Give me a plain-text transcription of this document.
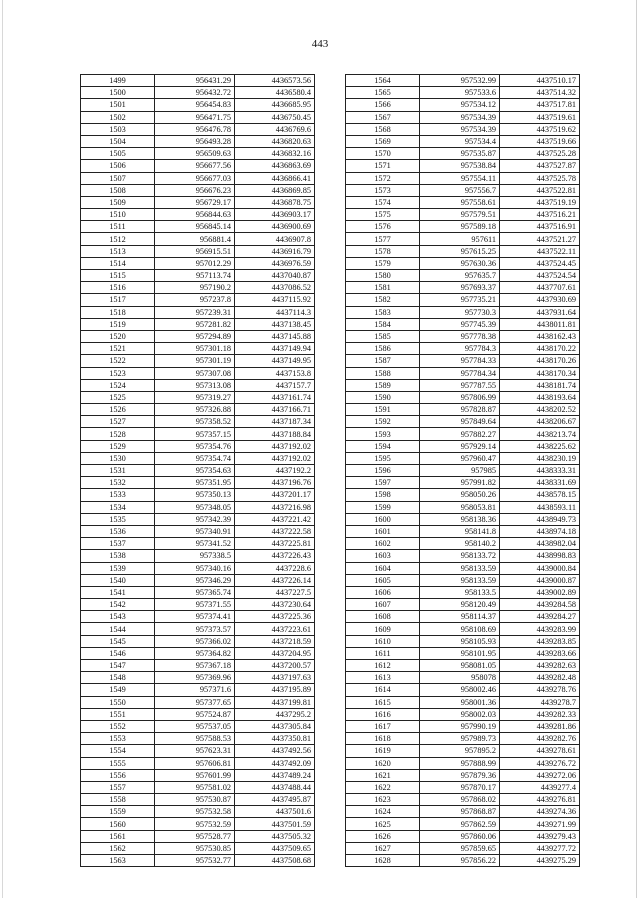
443
1499	956431.29	4436573.56
1500	956432.72	4436580.4
1501	956454.83	4436685.95
1502	956471.75	4436750.45
1503	956476.78	4436769.6
1504	956493.28	4436820.63
1505	956509.63	4436832.16
1506	956677.56	4436863.69
1507	956677.03	4436866.41
1508	956676.23	4436869.85
1509	956729.17	4436878.75
1510	956844.63	4436903.17
1511	956845.14	4436900.69
1512	956881.4	4436907.8
1513	956915.51	4436916.79
1514	957012.29	4436976.59
1515	957113.74	4437040.87
1516	957190.2	4437086.52
1517	957237.8	4437115.92
1518	957239.31	4437114.3
1519	957281.82	4437138.45
1520	957294.89	4437145.88
1521	957301.18	4437149.94
1522	957301.19	4437149.95
1523	957307.08	4437153.8
1524	957313.08	4437157.7
1525	957319.27	4437161.74
1526	957326.88	4437166.71
1527	957358.52	4437187.34
1528	957357.15	4437188.84
1529	957354.76	4437192.02
1530	957354.74	4437192.02
1531	957354.63	4437192.2
1532	957351.95	4437196.76
1533	957350.13	4437201.17
1534	957348.05	4437216.98
1535	957342.39	4437221.42
1536	957340.91	4437222.58
1537	957341.52	4437225.81
1538	957338.5	4437226.43
1539	957340.16	4437228.6
1540	957346.29	4437226.14
1541	957365.74	4437227.5
1542	957371.55	4437230.64
1543	957374.41	4437225.36
1544	957373.57	4437223.61
1545	957366.02	4437218.59
1546	957364.82	4437204.95
1547	957367.18	4437200.57
1548	957369.96	4437197.63
1549	957371.6	4437195.89
1550	957377.65	4437199.81
1551	957524.87	4437295.2
1552	957537.05	4437305.84
1553	957588.53	4437350.81
1554	957623.31	4437492.56
1555	957606.81	4437492.09
1556	957601.99	4437489.24
1557	957581.02	4437488.44
1558	957530.87	4437495.87
1559	957532.58	4437501.6
1560	957532.59	4437501.59
1561	957528.77	4437505.32
1562	957530.85	4437509.65
1563	957532.77	4437508.68
1564	957532.99	4437510.17
1565	957533.6	4437514.32
1566	957534.12	4437517.81
1567	957534.39	4437519.61
1568	957534.39	4437519.62
1569	957534.4	4437519.66
1570	957535.87	4437525.28
1571	957538.84	4437527.87
1572	957554.11	4437525.78
1573	957556.7	4437522.81
1574	957558.61	4437519.19
1575	957579.51	4437516.21
1576	957589.18	4437516.91
1577	957611	4437521.27
1578	957615.25	4437522.11
1579	957630.36	4437524.45
1580	957635.7	4437524.54
1581	957693.37	4437707.61
1582	957735.21	4437930.69
1583	957730.3	4437931.64
1584	957745.39	4438011.81
1585	957778.38	4438162.43
1586	957784.3	4438170.22
1587	957784.33	4438170.26
1588	957784.34	4438170.34
1589	957787.55	4438181.74
1590	957806.99	4438193.64
1591	957828.87	4438202.52
1592	957849.64	4438206.67
1593	957882.27	4438213.74
1594	957929.14	4438225.62
1595	957960.47	4438230.19
1596	957985	4438333.31
1597	957991.82	4438331.69
1598	958050.26	4438578.15
1599	958053.81	4438593.11
1600	958138.36	4438949.73
1601	958141.8	4438974.18
1602	958140.2	4438982.04
1603	958133.72	4438998.83
1604	958133.59	4439000.84
1605	958133.59	4439000.87
1606	958133.5	4439002.89
1607	958120.49	4439284.58
1608	958114.37	4439284.27
1609	958108.69	4439283.99
1610	958105.93	4439283.85
1611	958101.95	4439283.66
1612	958081.05	4439282.63
1613	958078	4439282.48
1614	958002.46	4439278.76
1615	958001.36	4439278.7
1616	958002.03	4439282.33
1617	957990.19	4439281.86
1618	957989.73	4439282.76
1619	957895.2	4439278.61
1620	957888.99	4439276.72
1621	957879.36	4439272.06
1622	957870.17	4439277.4
1623	957868.02	4439276.81
1624	957868.87	4439274.36
1625	957862.59	4439271.99
1626	957860.06	4439279.43
1627	957859.65	4439277.72
1628	957856.22	4439275.29
